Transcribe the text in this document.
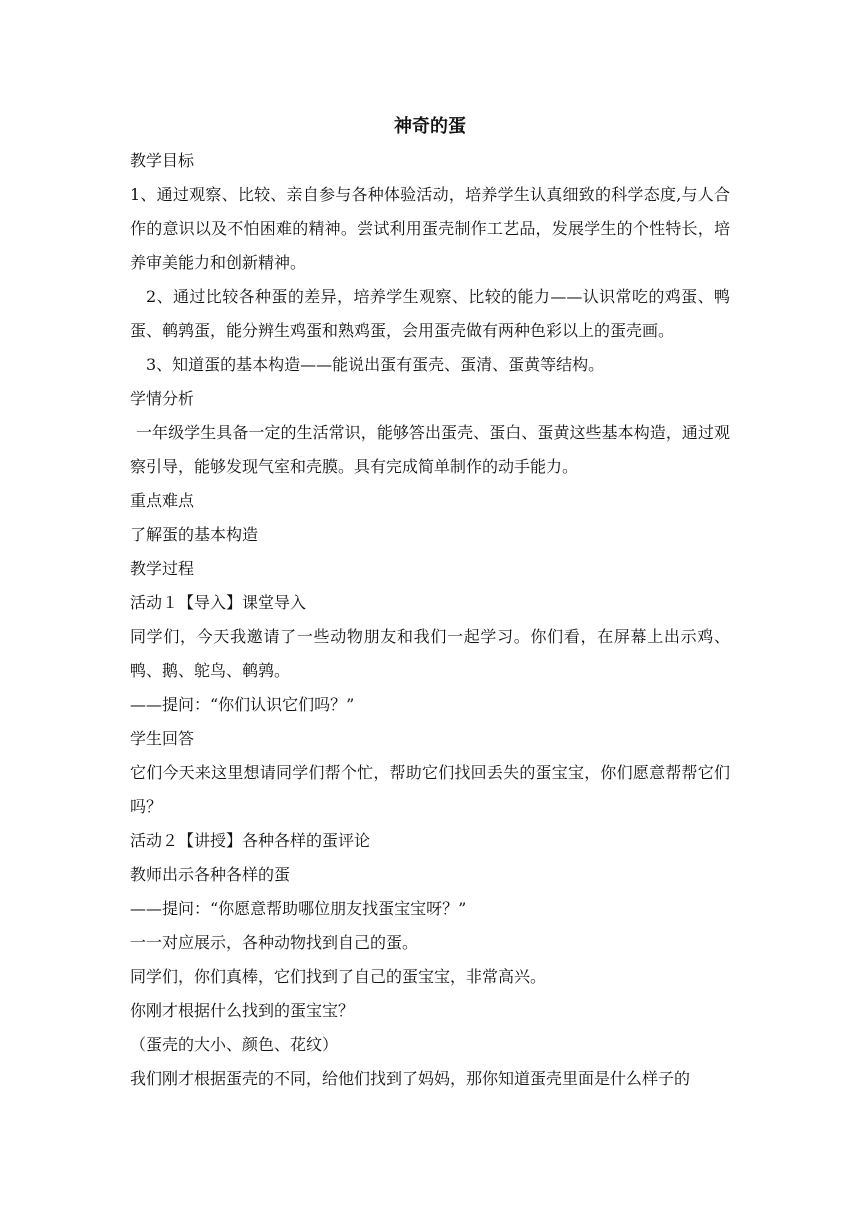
神奇的蛋

教学目标

1、通过观察、比较、亲自参与各种体验活动，培养学生认真细致的科学态度,与人合作的意识以及不怕困难的精神。尝试利用蛋壳制作工艺品，发展学生的个性特长，培养审美能力和创新精神。

2、通过比较各种蛋的差异，培养学生观察、比较的能力——认识常吃的鸡蛋、鸭蛋、鹌鹑蛋，能分辨生鸡蛋和熟鸡蛋，会用蛋壳做有两种色彩以上的蛋壳画。

3、知道蛋的基本构造——能说出蛋有蛋壳、蛋清、蛋黄等结构。

学情分析

一年级学生具备一定的生活常识，能够答出蛋壳、蛋白、蛋黄这些基本构造，通过观察引导，能够发现气室和壳膜。具有完成简单制作的动手能力。

重点难点

了解蛋的基本构造

教学过程

活动１【导入】课堂导入

同学们，今天我邀请了一些动物朋友和我们一起学习。你们看，在屏幕上出示鸡、鸭、鹅、鸵鸟、鹌鹑。

——提问：“你们认识它们吗？”

学生回答

它们今天来这里想请同学们帮个忙，帮助它们找回丢失的蛋宝宝，你们愿意帮帮它们吗？

活动２【讲授】各种各样的蛋评论

教师出示各种各样的蛋

——提问：“你愿意帮助哪位朋友找蛋宝宝呀？”

一一对应展示，各种动物找到自己的蛋。

同学们，你们真棒，它们找到了自己的蛋宝宝，非常高兴。

你刚才根据什么找到的蛋宝宝？

（蛋壳的大小、颜色、花纹）

我们刚才根据蛋壳的不同，给他们找到了妈妈，那你知道蛋壳里面是什么样子的
